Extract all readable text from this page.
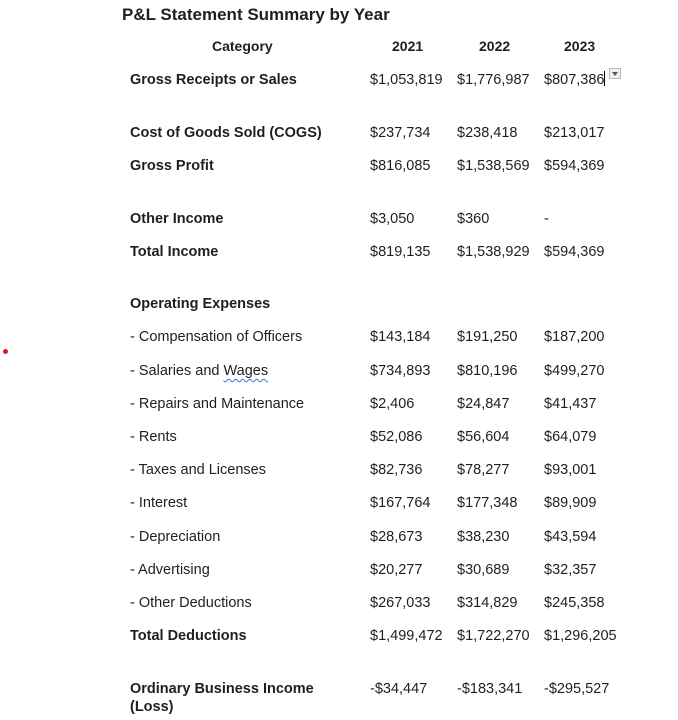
P&L Statement Summary by Year
Category	2021	2022	2023
Gross Receipts or Sales	$1,053,819 $1,776,987 $807,386
Cost of Goods Sold (COGS)	$237,734	$238,418	$213,017
Gross Profit	$816,085	$1,538,569 $594,369
Other Income	$3,050	$360	-
Total Income	$819,135	$1,538,929 $594,369
Operating Expenses
- Compensation of Officers	$143,184	$191,250	$187,200
- Salaries and Wages	$734,893	$810,196	$499,270
- Repairs and Maintenance	$2,406	$24,847	$41,437
- Rents	$52,086	$56,604	$64,079
- Taxes and Licenses	$82,736	$78,277	$93,001
- Interest	$167,764	$177,348	$89,909
- Depreciation	$28,673	$38,230	$43,594
- Advertising	$20,277	$30,689	$32,357
- Other Deductions	$267,033	$314,829	$245,358
Total Deductions	$1,499,472 $1,722,270 $1,296,205
Ordinary Business Income (Loss)
-$34,447	-$183,341	-$295,527
